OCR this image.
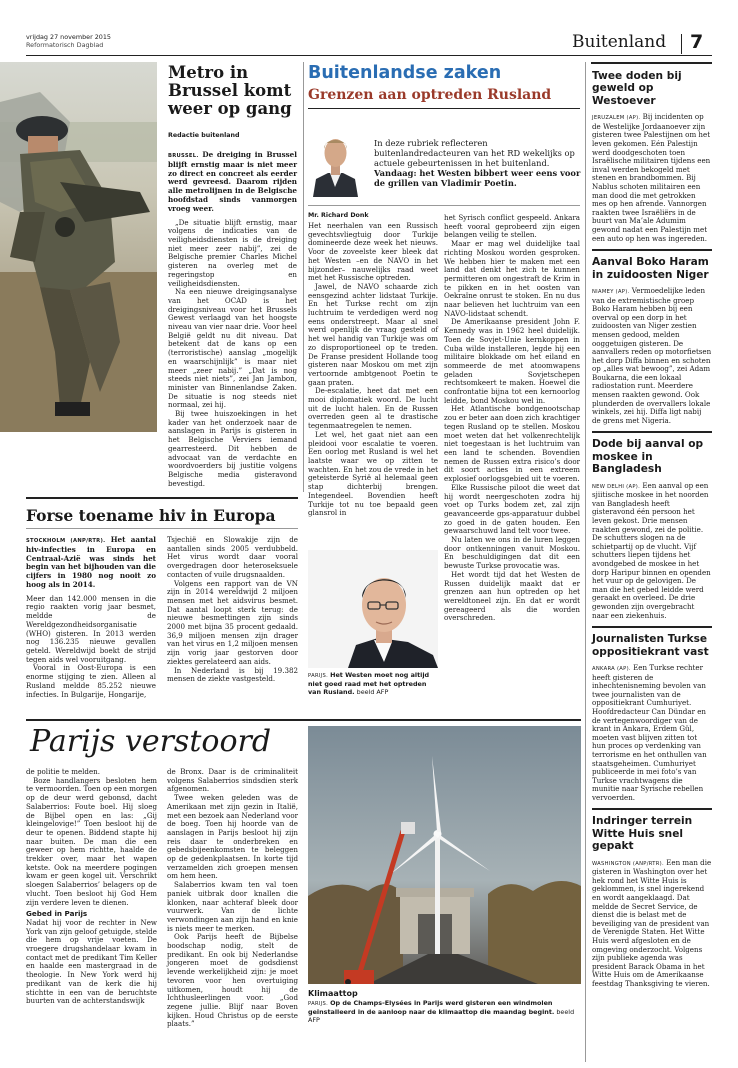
vrijdag 27 november 2015
Reformatorisch Dagblad	Buitenland 7
Metro in Brussel komt weer op gang
Redactie buitenland

BRUSSEL. De dreiging in Brussel blijft ernstig maar is niet meer zo direct en concreet als eerder werd gevreesd. Daarom rijden alle metrolijnen in de Belgische hoofdstad sinds vanmorgen vroeg weer.

„De situatie blijft ernstig, maar volgens de indicaties van de veiligheidsdiensten is de dreiging niet meer zeer nabij”, zei de Belgische premier Charles Michel gisteren na overleg met de regeringstop en veiligheidsdiensten.

Na een nieuwe dreigingsanalyse van het OCAD is het dreigingsniveau voor het Brussels Gewest verlaagd van het hoogste niveau van vier naar drie. Voor heel België geldt nu dit niveau. Dat betekent dat de kans op een (terroristische) aanslag „mogelijk en waarschijnlijk” is maar niet meer „zeer nabij.” „Dat is nog steeds niet niets”, zei Jan Jambon, minister van Binnenlandse Zaken. De situatie is nog steeds niet normaal, zei hij.

Bij twee huiszoekingen in het kader van het onderzoek naar de aanslagen in Parijs is gisteren in het Belgische Verviers iemand gearresteerd. Dit hebben de advocaat van de verdachte en woordvoerders bij justitie volgens Belgische media gisteravond bevestigd.

Buitenlandse zaken
Grenzen aan optreden Rusland
In deze rubriek reflecteren buitenlandredacteuren van het RD wekelijks op actuele gebeurtenissen in het buitenland. Vandaag: het Westen bibbert weer eens voor de grillen van Vladimir Poetin.
Mr. Richard Donk

Het neerhalen van een Russisch gevechtsvliegtuig door Turkije domineerde deze week het nieuws. Voor de zoveelste keer bleek dat het Westen –en de NAVO in het bijzonder– nauwelijks raad weet met het Russische optreden.

Jawel, de NAVO schaarde zich eensgezind achter lidstaat Turkije. En het Turkse recht om zijn luchtruim te verdedigen werd nog eens onderstreept. Maar al snel werd openlijk de vraag gesteld of het wel handig van Turkije was om zo disproportioneel op te treden. De Franse president Hollande toog gisteren naar Moskou om met zijn vertoornde ambtgenoot Poetin te gaan praten.

De-escalatie, heet dat met een mooi diplomatiek woord. De lucht uit de lucht halen. En de Russen overreden geen al te drastische tegenmaatregelen te nemen.

Let wel, het gaat niet aan een pleidooi voor escalatie te voeren. Een oorlog met Rusland is wel het laatste waar we op zitten te wachten. En het zou de vrede in het geteisterde Syrië al helemaal geen stap dichterbij brengen. Integendeel. Bovendien heeft Turkije tot nu toe bepaald geen glansrol in

PARIJS. Het Westen moet nog altijd niet goed raad met het optreden van Rusland. beeld AFP

het Syrisch conflict gespeeld. Ankara heeft vooral geprobeerd zijn eigen belangen veilig te stellen.

Maar er mag wel duidelijke taal richting Moskou worden gesproken. We hebben hier te maken met een land dat denkt het zich te kunnen permitteren om ongestraft de Krim in te pikken en in het oosten van Oekraïne onrust te stoken. En nu dus naar believen het luchtruim van een NAVO-lidstaat schendt.

De Amerikaanse president John F. Kennedy was in 1962 heel duidelijk. Toen de Sovjet-Unie kernkoppen in Cuba wilde installeren, legde hij een militaire blokkade om het eiland en sommeerde de met atoomwapens geladen Sovjetschepen rechtsomkeert te maken. Hoewel die confrontatie bijna tot een kernoorlog leidde, bond Moskou wel in.

Het Atlantische bondgenootschap zou er beter aan doen zich krachtiger tegen Rusland op te stellen. Moskou moet weten dat het volkenrechtelijk niet toegestaan is het luchtruim van een land te schenden. Bovendien nemen de Russen extra risico’s door dit soort acties in een extreem explosief oorlogsgebied uit te voeren.

Elke Russische piloot die weet dat hij wordt neergeschoten zodra hij voet op Turks bodem zet, zal zijn geavanceerde gps-apparatuur dubbel zo goed in de gaten houden. Een gewaarschuwd land telt voor twee.

Nu laten we ons in de luren leggen door ontkenningen vanuit Moskou. En beschuldigingen dat dit een bewuste Turkse provocatie was.

Het wordt tijd dat het Westen de Russen duidelijk maakt dat er grenzen aan hun optreden op het wereldtoneel zijn. En dat er wordt gereageerd als die worden overschreden.

Forse toename hiv in Europa

STOCKHOLM (ANP/RTR). Het aantal hiv-infecties in Europa en Centraal-Azië was sinds het begin van het bijhouden van die cijfers in 1980 nog nooit zo hoog als in 2014.

Meer dan 142.000 mensen in die regio raakten vorig jaar besmet, meldde de Wereldgezondheidsorganisatie (WHO) gisteren. In 2013 werden nog 136.235 nieuwe gevallen geteld. Wereldwijd boekt de strijd tegen aids wel vooruitgang.

Vooral in Oost-Europa is een enorme stijging te zien. Alleen al Rusland meldde 85.252 nieuwe infecties. In Bulgarije, Hongarije,

Tsjechië en Slowakije zijn de aantallen sinds 2005 verdubbeld. Het virus wordt daar vooral overgedragen door heteroseksuele contacten of vuile drugsnaalden.

Volgens een rapport van de VN zijn in 2014 wereldwijd 2 miljoen mensen met het aidsvirus besmet. Dat aantal loopt sterk terug: de nieuwe besmettingen zijn sinds 2000 met bijna 35 procent gedaald. 36,9 miljoen mensen zijn drager van het virus en 1,2 miljoen mensen zijn vorig jaar gestorven door ziektes gerelateerd aan aids.

In Nederland is bij 19.382 mensen de ziekte vastgesteld.

Parijs verstoord

de politie te melden.

Boze handlangers besloten hem te vermoorden. Toen op een morgen op de deur werd gebonsd, dacht Salaberrios: Foute boel. Hij sloeg de Bijbel open en las: „Gij kleingelovige!” Toen besloot hij de deur te openen. Biddend stapte hij naar buiten. De man die een geweer op hem richtte, haalde de trekker over, maar het wapen ketste. Ook na meerdere pogingen kwam er geen kogel uit. Verschrikt sloegen Salaberrios’ belagers op de vlucht. Toen besloot hij God Hem zijn verdere leven te dienen.

Gebed in Parijs

Nadat hij voor de rechter in New York van zijn geloof getuigde, stelde die hem op vrije voeten. De vroegere drugshandelaar kwam in contact met de predikant Tim Keller en haalde een mastergraad in de theologie. In New York werd hij predikant van de kerk die hij stichtte in een van de beruchtste buurten van de achterstandswijk

de Bronx. Daar is de criminaliteit volgens Salaberrios sindsdien sterk afgenomen.

Twee weken geleden was de Amerikaan met zijn gezin in Italië, met een bezoek aan Nederland voor de boeg. Toen hij hoorde van de aanslagen in Parijs besloot hij zijn reis daar te onderbreken en gebedsbijeenkomsten te beleggen op de gedenkplaatsen. In korte tijd verzamelden zich groepen mensen om hem heen.

Salaberrios kwam ten val toen paniek uitbrak door knallen die klonken, naar achteraf bleek door vuurwerk. Van de lichte verwondingen aan zijn hand en knie is niets meer te merken.

Ook Parijs heeft de Bijbelse boodschap nodig, stelt de predikant. En ook bij Nederlandse jongeren moet de godsdienst levende werkelijkheid zijn: je moet tevoren voor hen overtuiging uitkomen, houdt hij de Ichthusleerlingen voor. „God zegene jullie. Blijf naar Boven kijken. Houd Christus op de eerste plaats.”

Klimaattop
PARIJS. Op de Champs-Elysées in Parijs werd gisteren een windmolen geïnstalleerd in de aanloop naar de klimaattop die maandag begint. beeld AFP
Twee doden bij geweld op Westoever
JERUZALEM (AP). Bij incidenten op de Westelijke Jordaanoever zijn gisteren twee Palestijnen om het leven gekomen. Eén Palestijn werd doodgeschoten toen Israëlische militairen tijdens een inval werden bekogeld met stenen en brandbommen. Bij Nablus schoten militairen een man dood die met getrokken mes op hen afrende. Vannorgen raakten twee Israëliërs in de buurt van Ma’ale Adumim gewond nadat een Palestijn met een auto op hen was ingereden.
Aanval Boko Haram in zuidoosten Niger
NIAMEY (AP). Vermoedelijke leden van de extremistische groep Boko Haram hebben bij een overval op een dorp in het zuidoosten van Niger zestien mensen gedood, melden ooggetuigen gisteren. De aanvallers reden op motorfietsen het dorp Diffa binnen en schoten op „alles wat bewoog”, zei Adam Boukarna, die een lokaal radiostation runt. Meerdere mensen raakten gewond. Ook plunderden de overvallers lokale winkels, zei hij. Diffa ligt nabij de grens met Nigeria.
Dode bij aanval op moskee in Bangladesh
NEW DELHI (AP). Een aanval op een sjiitische moskee in het noorden van Bangladesh heeft gisteravond één persoon het leven gekost. Drie mensen raakten gewond, zei de politie. De schutters slogen na de schietpartij op de vlucht. Vijf schutters liepen tijdens het avondgebed de moskee in het dorp Haripur binnen en openden het vuur op de gelovigen. De man die het gebed leidde werd geraakt en overleed. De drie gewonden zijn overgebracht naar een ziekenhuis.
Journalisten Turkse oppositiekrant vast
ANKARA (AP). Een Turkse rechter heeft gisteren de inhechtenisneming bevolen van twee journalisten van de oppositiekrant Cumhuriyet. Hoofdredacteur Can Dündar en de vertegenwoordiger van de krant in Ankara, Erdem Gül, moeten vast blijven zitten tot hun proces op verdenking van terrorisme en het onthullen van staatsgeheimen. Cumhuriyet publiceerde in mei foto’s van Turkse vrachtwagens die munitie naar Syrische rebellen vervoerden.
Indringer terrein Witte Huis snel gepakt
WASHINGTON (ANP/RTR). Een man die gisteren in Washington over het hek rond het Witte Huis is geklommen, is snel ingerekend en wordt aangeklaagd. Dat meldde de Secret Service, de dienst die is belast met de beveiliging van de president van de Verenigde Staten. Het Witte Huis werd afgesloten en de omgeving onderzocht. Volgens zijn publieke agenda was president Barack Obama in het Witte Huis om de Amerikaanse feestdag Thanksgiving te vieren.
